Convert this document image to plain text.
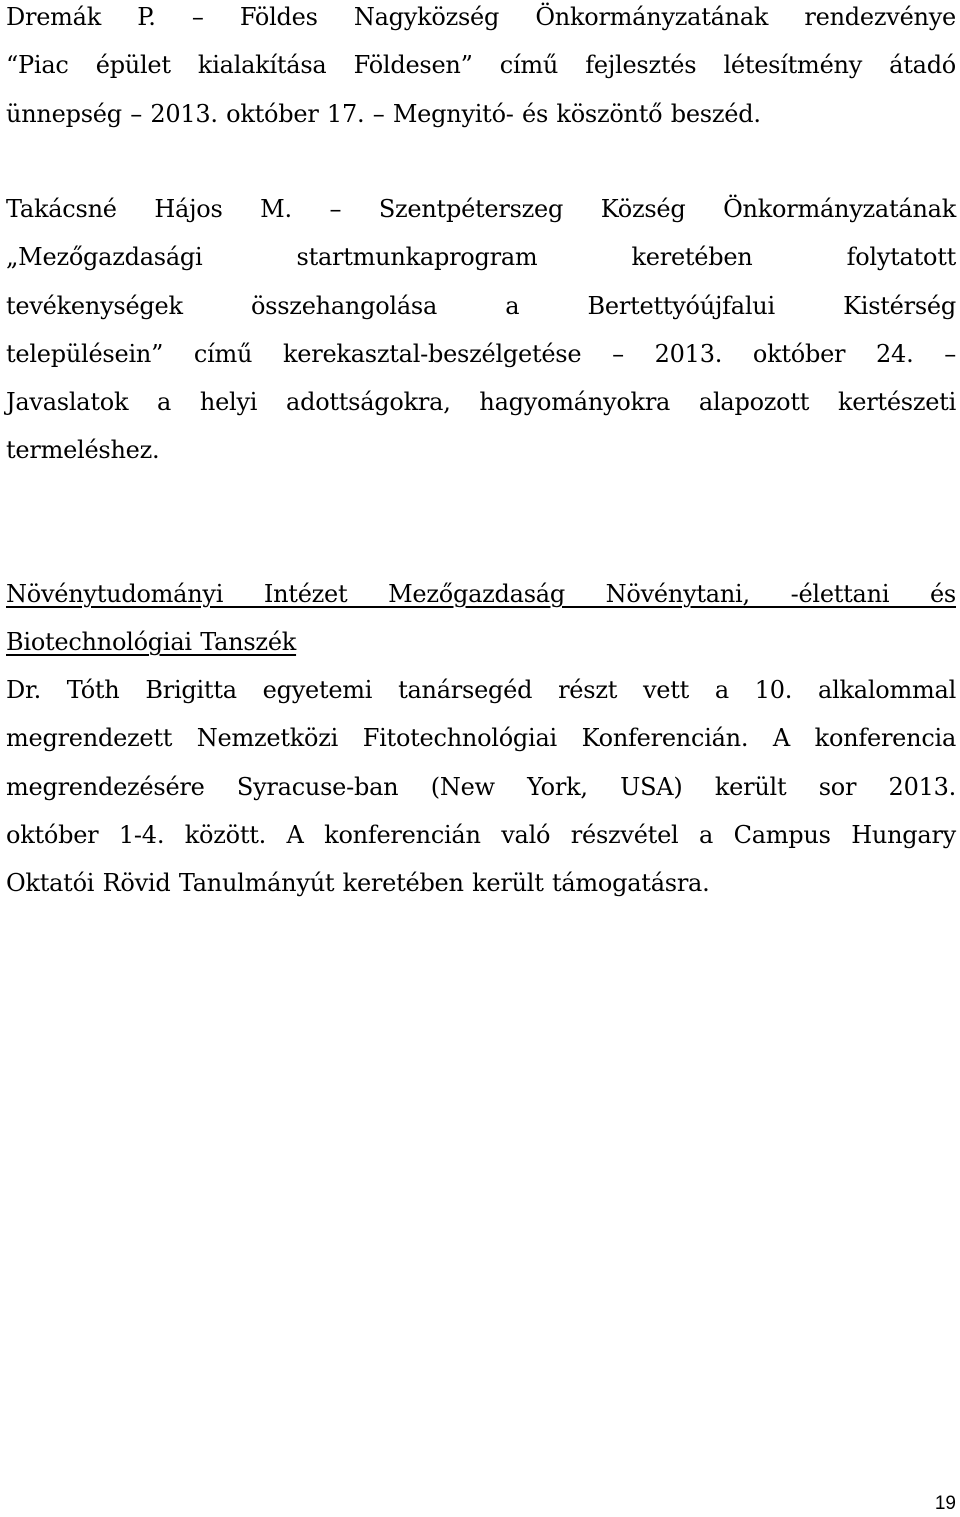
Dremák P. – Földes Nagyközség Önkormányzatának rendezvénye
“Piac épület kialakítása Földesen” című fejlesztés létesítmény átadó
ünnepség – 2013. október 17. – Megnyitó- és köszöntő beszéd.
Takácsné Hájos M. – Szentpéterszeg Község Önkormányzatának
„Mezőgazdasági startmunkaprogram keretében folytatott
tevékenységek összehangolása a Bertettyóújfalui Kistérség
településein” című kerekasztal-beszélgetése – 2013. október 24. –
Javaslatok a helyi adottságokra, hagyományokra alapozott kertészeti
termeléshez.
Növénytudományi Intézet Mezőgazdaság Növénytani, -élettani és
Biotechnológiai Tanszék
Dr. Tóth Brigitta egyetemi tanársegéd részt vett a 10. alkalommal
megrendezett Nemzetközi Fitotechnológiai Konferencián. A konferencia
megrendezésére Syracuse-ban (New York, USA) került sor 2013.
október 1-4. között. A konferencián való részvétel a Campus Hungary
Oktatói Rövid Tanulmányút keretében került támogatásra.
19
